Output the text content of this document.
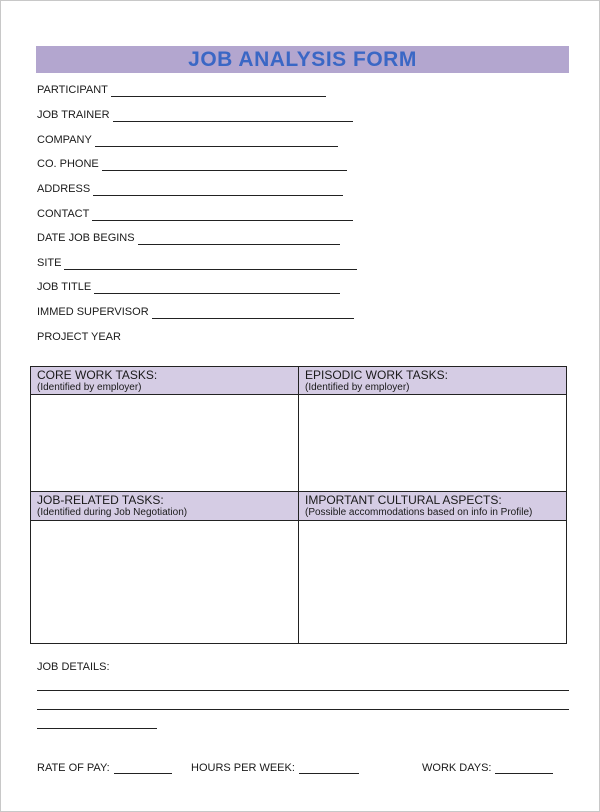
JOB ANALYSIS FORM
PARTICIPANT
JOB TRAINER
COMPANY
CO. PHONE
ADDRESS
CONTACT
DATE JOB BEGINS
SITE
JOB TITLE
IMMED SUPERVISOR
PROJECT YEAR
CORE WORK TASKS:
(Identified by employer)
EPISODIC WORK TASKS:
(Identified by employer)
JOB-RELATED TASKS:
(Identified during Job Negotiation)
IMPORTANT CULTURAL ASPECTS:
(Possible accommodations based on info in Profile)
JOB DETAILS:
RATE OF PAY:	HOURS PER WEEK:	WORK DAYS:
